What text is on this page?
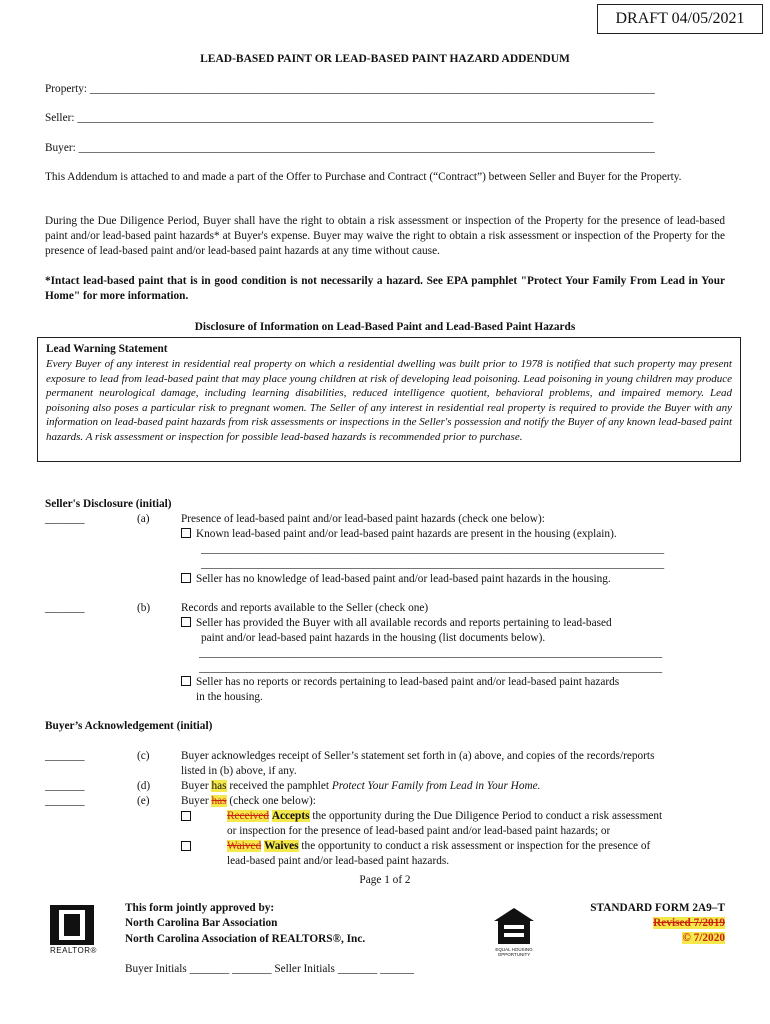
DRAFT 04/05/2021
LEAD-BASED PAINT OR LEAD-BASED PAINT HAZARD ADDENDUM
Property: ____________________________________________________________________________________________________
Seller: ______________________________________________________________________________________________________
Buyer: ______________________________________________________________________________________________________
This Addendum is attached to and made a part of the Offer to Purchase and Contract (“Contract”) between Seller and Buyer for the Property.
During the Due Diligence Period, Buyer shall have the right to obtain a risk assessment or inspection of the Property for the presence of lead-based paint and/or lead-based paint hazards* at Buyer's expense. Buyer may waive the right to obtain a risk assessment or inspection of the Property for the presence of lead-based paint and/or lead-based paint hazards at any time without cause.
*Intact lead-based paint that is in good condition is not necessarily a hazard. See EPA pamphlet "Protect Your Family From Lead in Your Home" for more information.
Disclosure of Information on Lead-Based Paint and Lead-Based Paint Hazards
Lead Warning Statement
Every Buyer of any interest in residential real property on which a residential dwelling was built prior to 1978 is notified that such property may present exposure to lead from lead-based paint that may place young children at risk of developing lead poisoning. Lead poisoning in young children may produce permanent neurological damage, including learning disabilities, reduced intelligence quotient, behavioral problems, and impaired memory. Lead poisoning also poses a particular risk to pregnant women. The Seller of any interest in residential real property is required to provide the Buyer with any information on lead-based paint hazards from risk assessments or inspections in the Seller's possession and notify the Buyer of any known lead-based paint hazards. A risk assessment or inspection for possible lead-based hazards is recommended prior to purchase.
Seller's Disclosure (initial)
_______	(a)	Presence of lead-based paint and/or lead-based paint hazards (check one below):
Known lead-based paint and/or lead-based paint hazards are present in the housing (explain).
__________________________________________________________________________________
__________________________________________________________________________________
Seller has no knowledge of lead-based paint and/or lead-based paint hazards in the housing.
_______	(b)	Records and reports available to the Seller (check one)
Seller has provided the Buyer with all available records and reports pertaining to lead-based
paint and/or lead-based paint hazards in the housing (list documents below).
__________________________________________________________________________________
__________________________________________________________________________________
Seller has no reports or records pertaining to lead-based paint and/or lead-based paint hazards
in the housing.
Buyer’s Acknowledgement (initial)
_______	(c)	Buyer acknowledges receipt of Seller’s statement set forth in (a) above, and copies of the records/reports
listed in (b) above, if any.
_______	(d)	Buyer has received the pamphlet Protect Your Family from Lead in Your Home.
_______	(e)	Buyer has (check one below):
Received Accepts the opportunity during the Due Diligence Period to conduct a risk assessment
or inspection for the presence of lead-based paint and/or lead-based paint hazards; or
Waived Waives the opportunity to conduct a risk assessment or inspection for the presence of
lead-based paint and/or lead-based paint hazards.
Page 1 of 2
REALTOR®
This form jointly approved by:
North Carolina Bar Association
North Carolina Association of REALTORS®, Inc.
EQUAL HOUSING OPPORTUNITY
STANDARD FORM 2A9–T
Revised 7/2019
© 7/2020
Buyer Initials _______ _______ Seller Initials _______ ______
